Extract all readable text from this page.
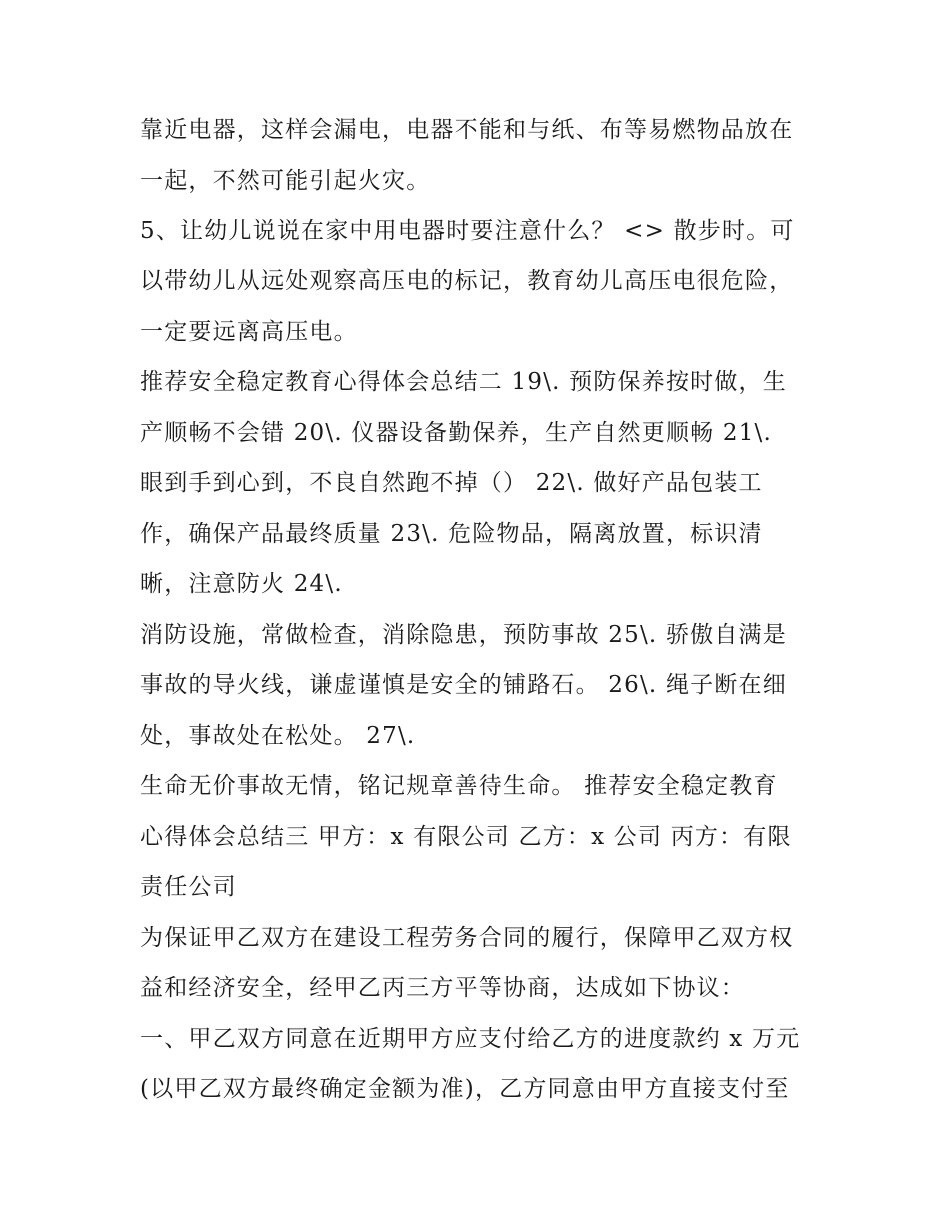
靠近电器，这样会漏电，电器不能和与纸、布等易燃物品放在
一起，不然可能引起火灾。
5、让幼儿说说在家中用电器时要注意什么？ <> 散步时。可
以带幼儿从远处观察高压电的标记，教育幼儿高压电很危险，
一定要远离高压电。
推荐安全稳定教育心得体会总结二 19\. 预防保养按时做，生
产顺畅不会错 20\. 仪器设备勤保养，生产自然更顺畅 21\.
眼到手到心到，不良自然跑不掉（） 22\. 做好产品包装工
作，确保产品最终质量 23\. 危险物品，隔离放置，标识清
晰，注意防火 24\.
消防设施，常做检查，消除隐患，预防事故 25\. 骄傲自满是
事故的导火线，谦虚谨慎是安全的铺路石。 26\. 绳子断在细
处，事故处在松处。 27\.
生命无价事故无情，铭记规章善待生命。 推荐安全稳定教育
心得体会总结三 甲方：x 有限公司 乙方：x 公司 丙方：有限
责任公司
为保证甲乙双方在建设工程劳务合同的履行，保障甲乙双方权
益和经济安全，经甲乙丙三方平等协商，达成如下协议：
一、甲乙双方同意在近期甲方应支付给乙方的进度款约 x 万元
(以甲乙双方最终确定金额为准)，乙方同意由甲方直接支付至
